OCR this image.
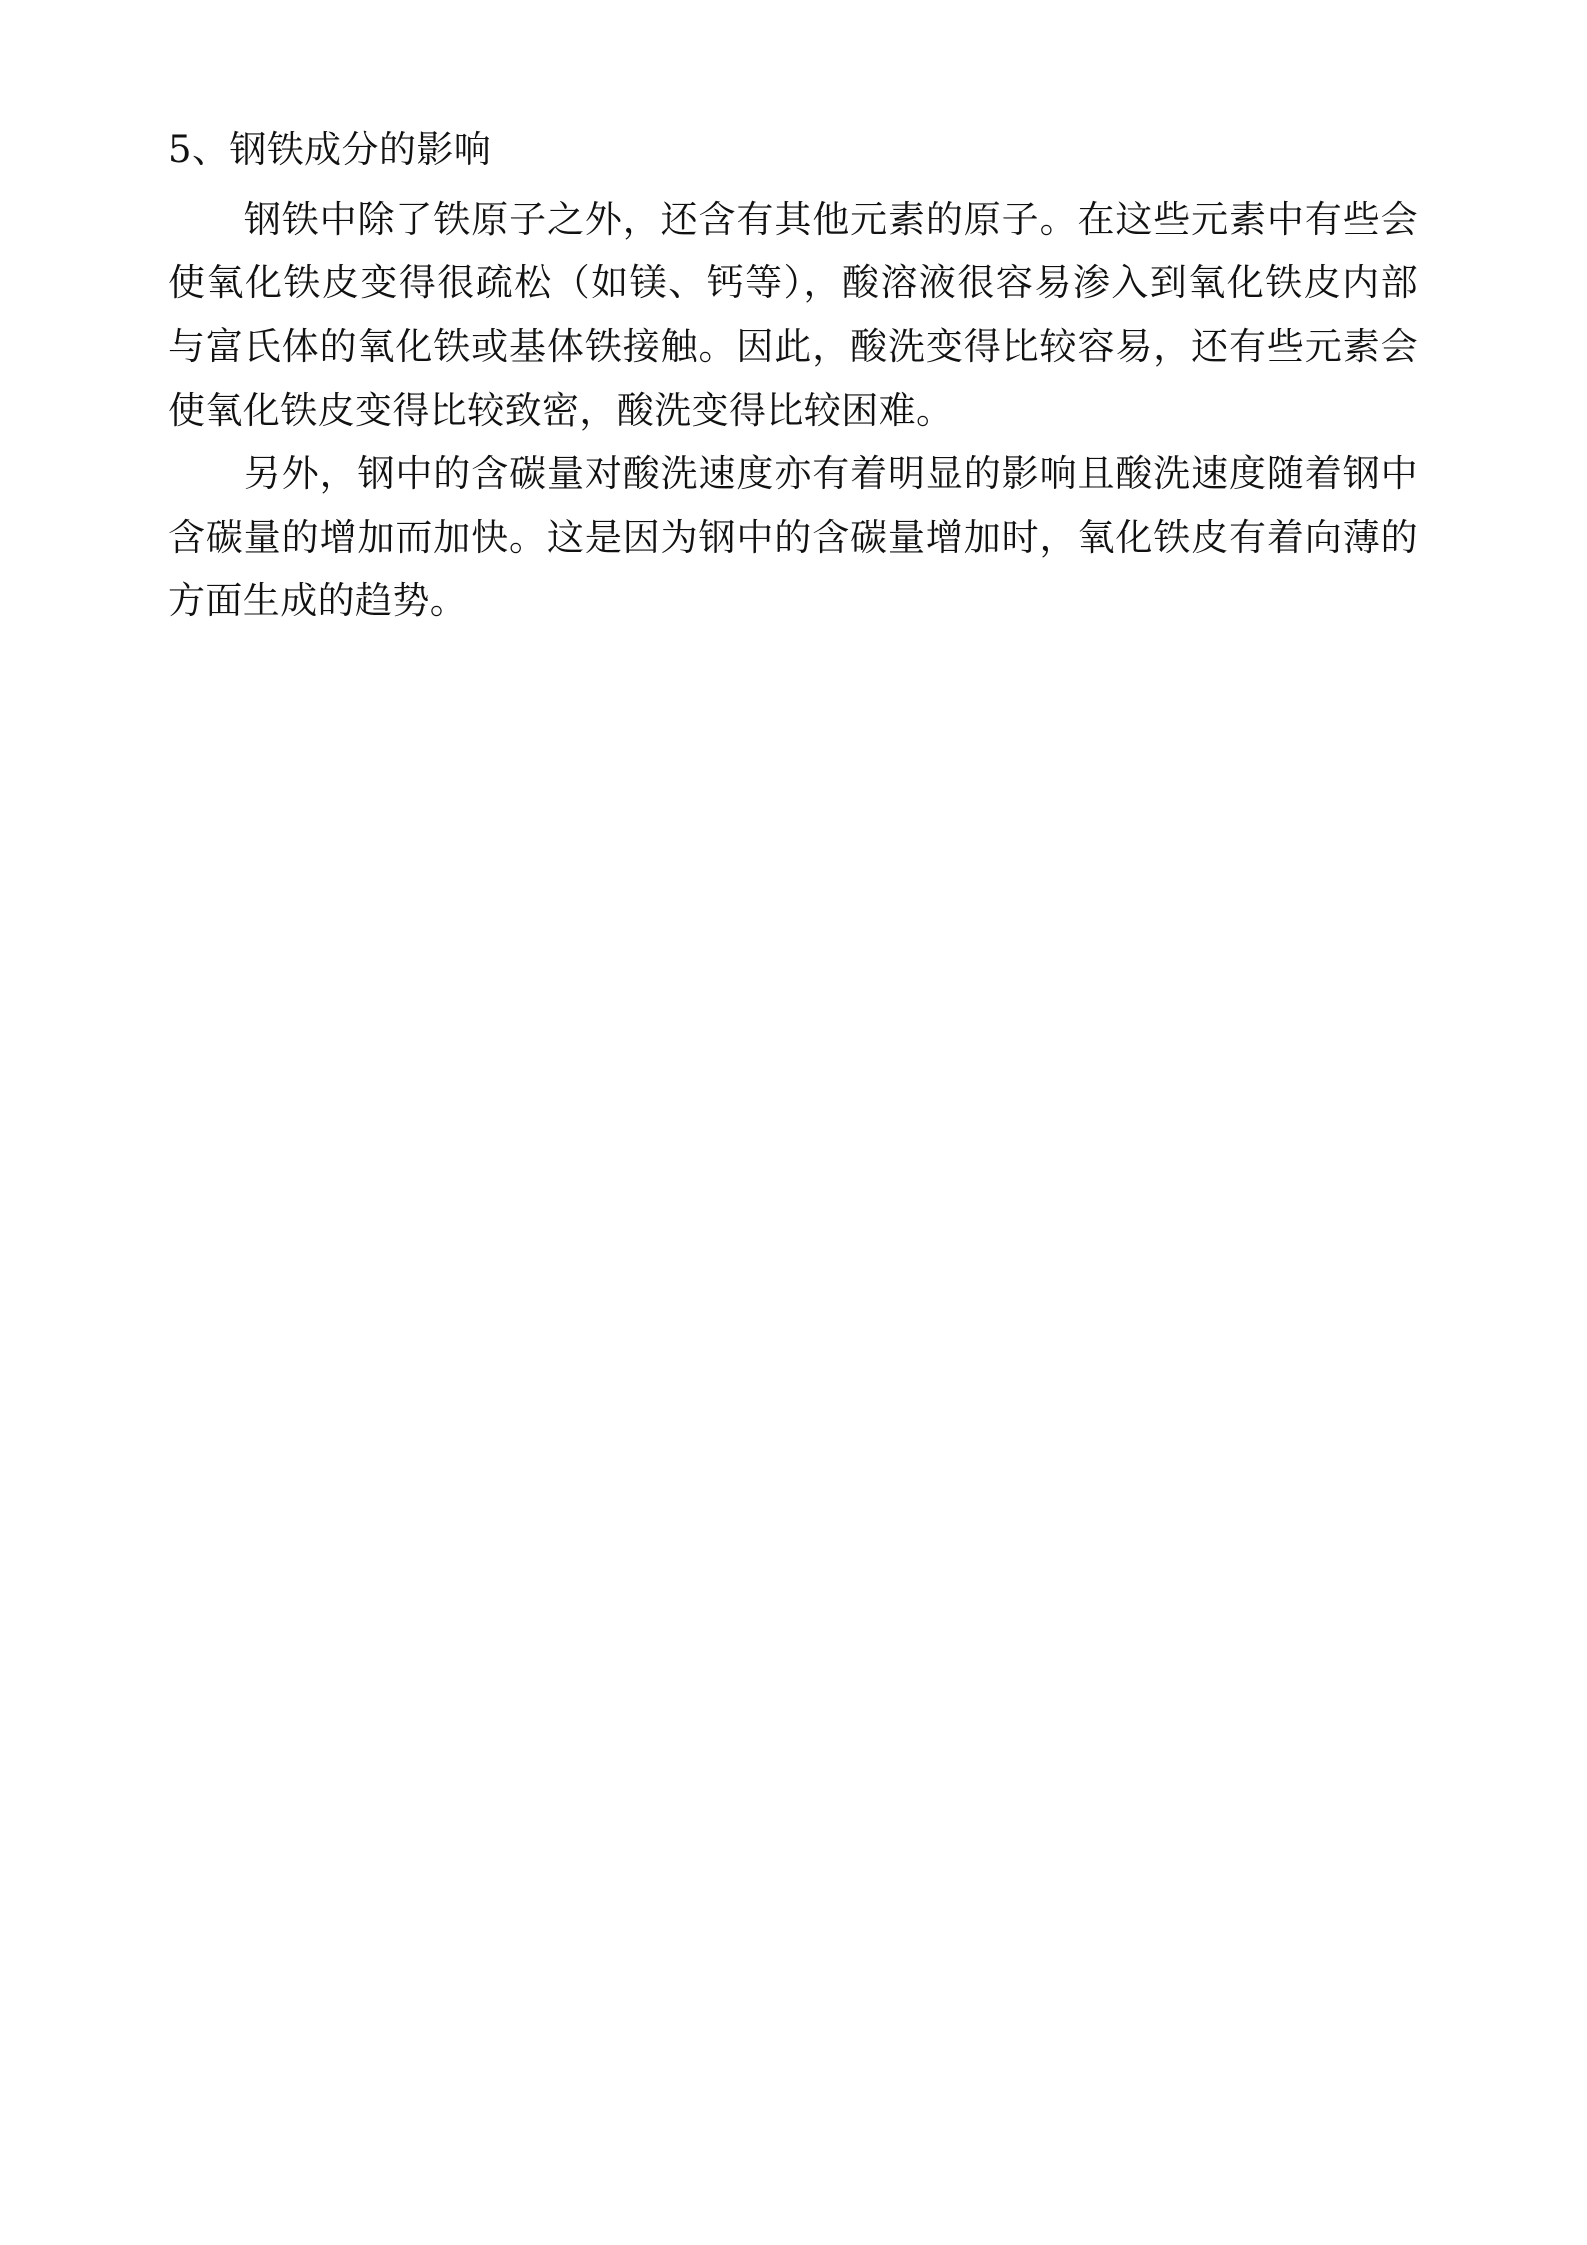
5、钢铁成分的影响

钢铁中除了铁原子之外，还含有其他元素的原子。在这些元素中有些会使氧化铁皮变得很疏松（如镁、钙等），酸溶液很容易渗入到氧化铁皮内部与富氏体的氧化铁或基体铁接触。因此，酸洗变得比较容易，还有些元素会使氧化铁皮变得比较致密，酸洗变得比较困难。

另外，钢中的含碳量对酸洗速度亦有着明显的影响且酸洗速度随着钢中含碳量的增加而加快。这是因为钢中的含碳量增加时，氧化铁皮有着向薄的方面生成的趋势。
